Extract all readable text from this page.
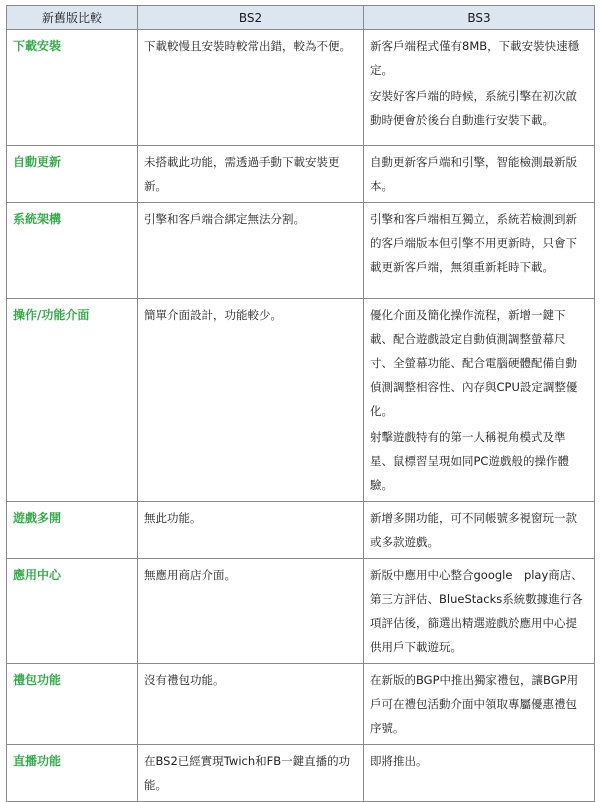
新舊版比較	BS2	BS3
下載安裝	下載較慢且安裝時較常出錯，較為不便。	新客戶端程式僅有8MB，下載安裝快速穩定。

安裝好客戶端的時候，系統引擎在初次啟動時便會於後台自動進行安裝下載。

自動更新	未搭載此功能，需透過手動下載安裝更新。	自動更新客戶端和引擎，智能檢測最新版本。

系統架構	引擎和客戶端合綁定無法分割。	引擎和客戶端相互獨立，系統若檢測到新的客戶端版本但引擎不用更新時，只會下載更新客戶端，無須重新耗時下載。

操作/功能介面	簡單介面設計，功能較少。	優化介面及簡化操作流程，新增一鍵下載、配合遊戲設定自動偵測調整螢幕尺寸、全螢幕功能、配合電腦硬體配備自動偵測調整相容性、內存與CPU設定調整優化。

射擊遊戲特有的第一人稱視角模式及準星、鼠標習呈現如同PC遊戲般的操作體驗。

遊戲多開	無此功能。	新增多開功能，可不同帳號多視窗玩一款或多款遊戲。

應用中心	無應用商店介面。	新版中應用中心整合google　play商店、第三方評估、BlueStacks系統數據進行各項評估後，篩選出精選遊戲於應用中心提供用戶下載遊玩。

禮包功能	沒有禮包功能。	在新版的BGP中推出獨家禮包，讓BGP用戶可在禮包活動介面中領取專屬優惠禮包序號。

直播功能	在BS2已經實現Twich和FB一鍵直播的功能。	即將推出。
